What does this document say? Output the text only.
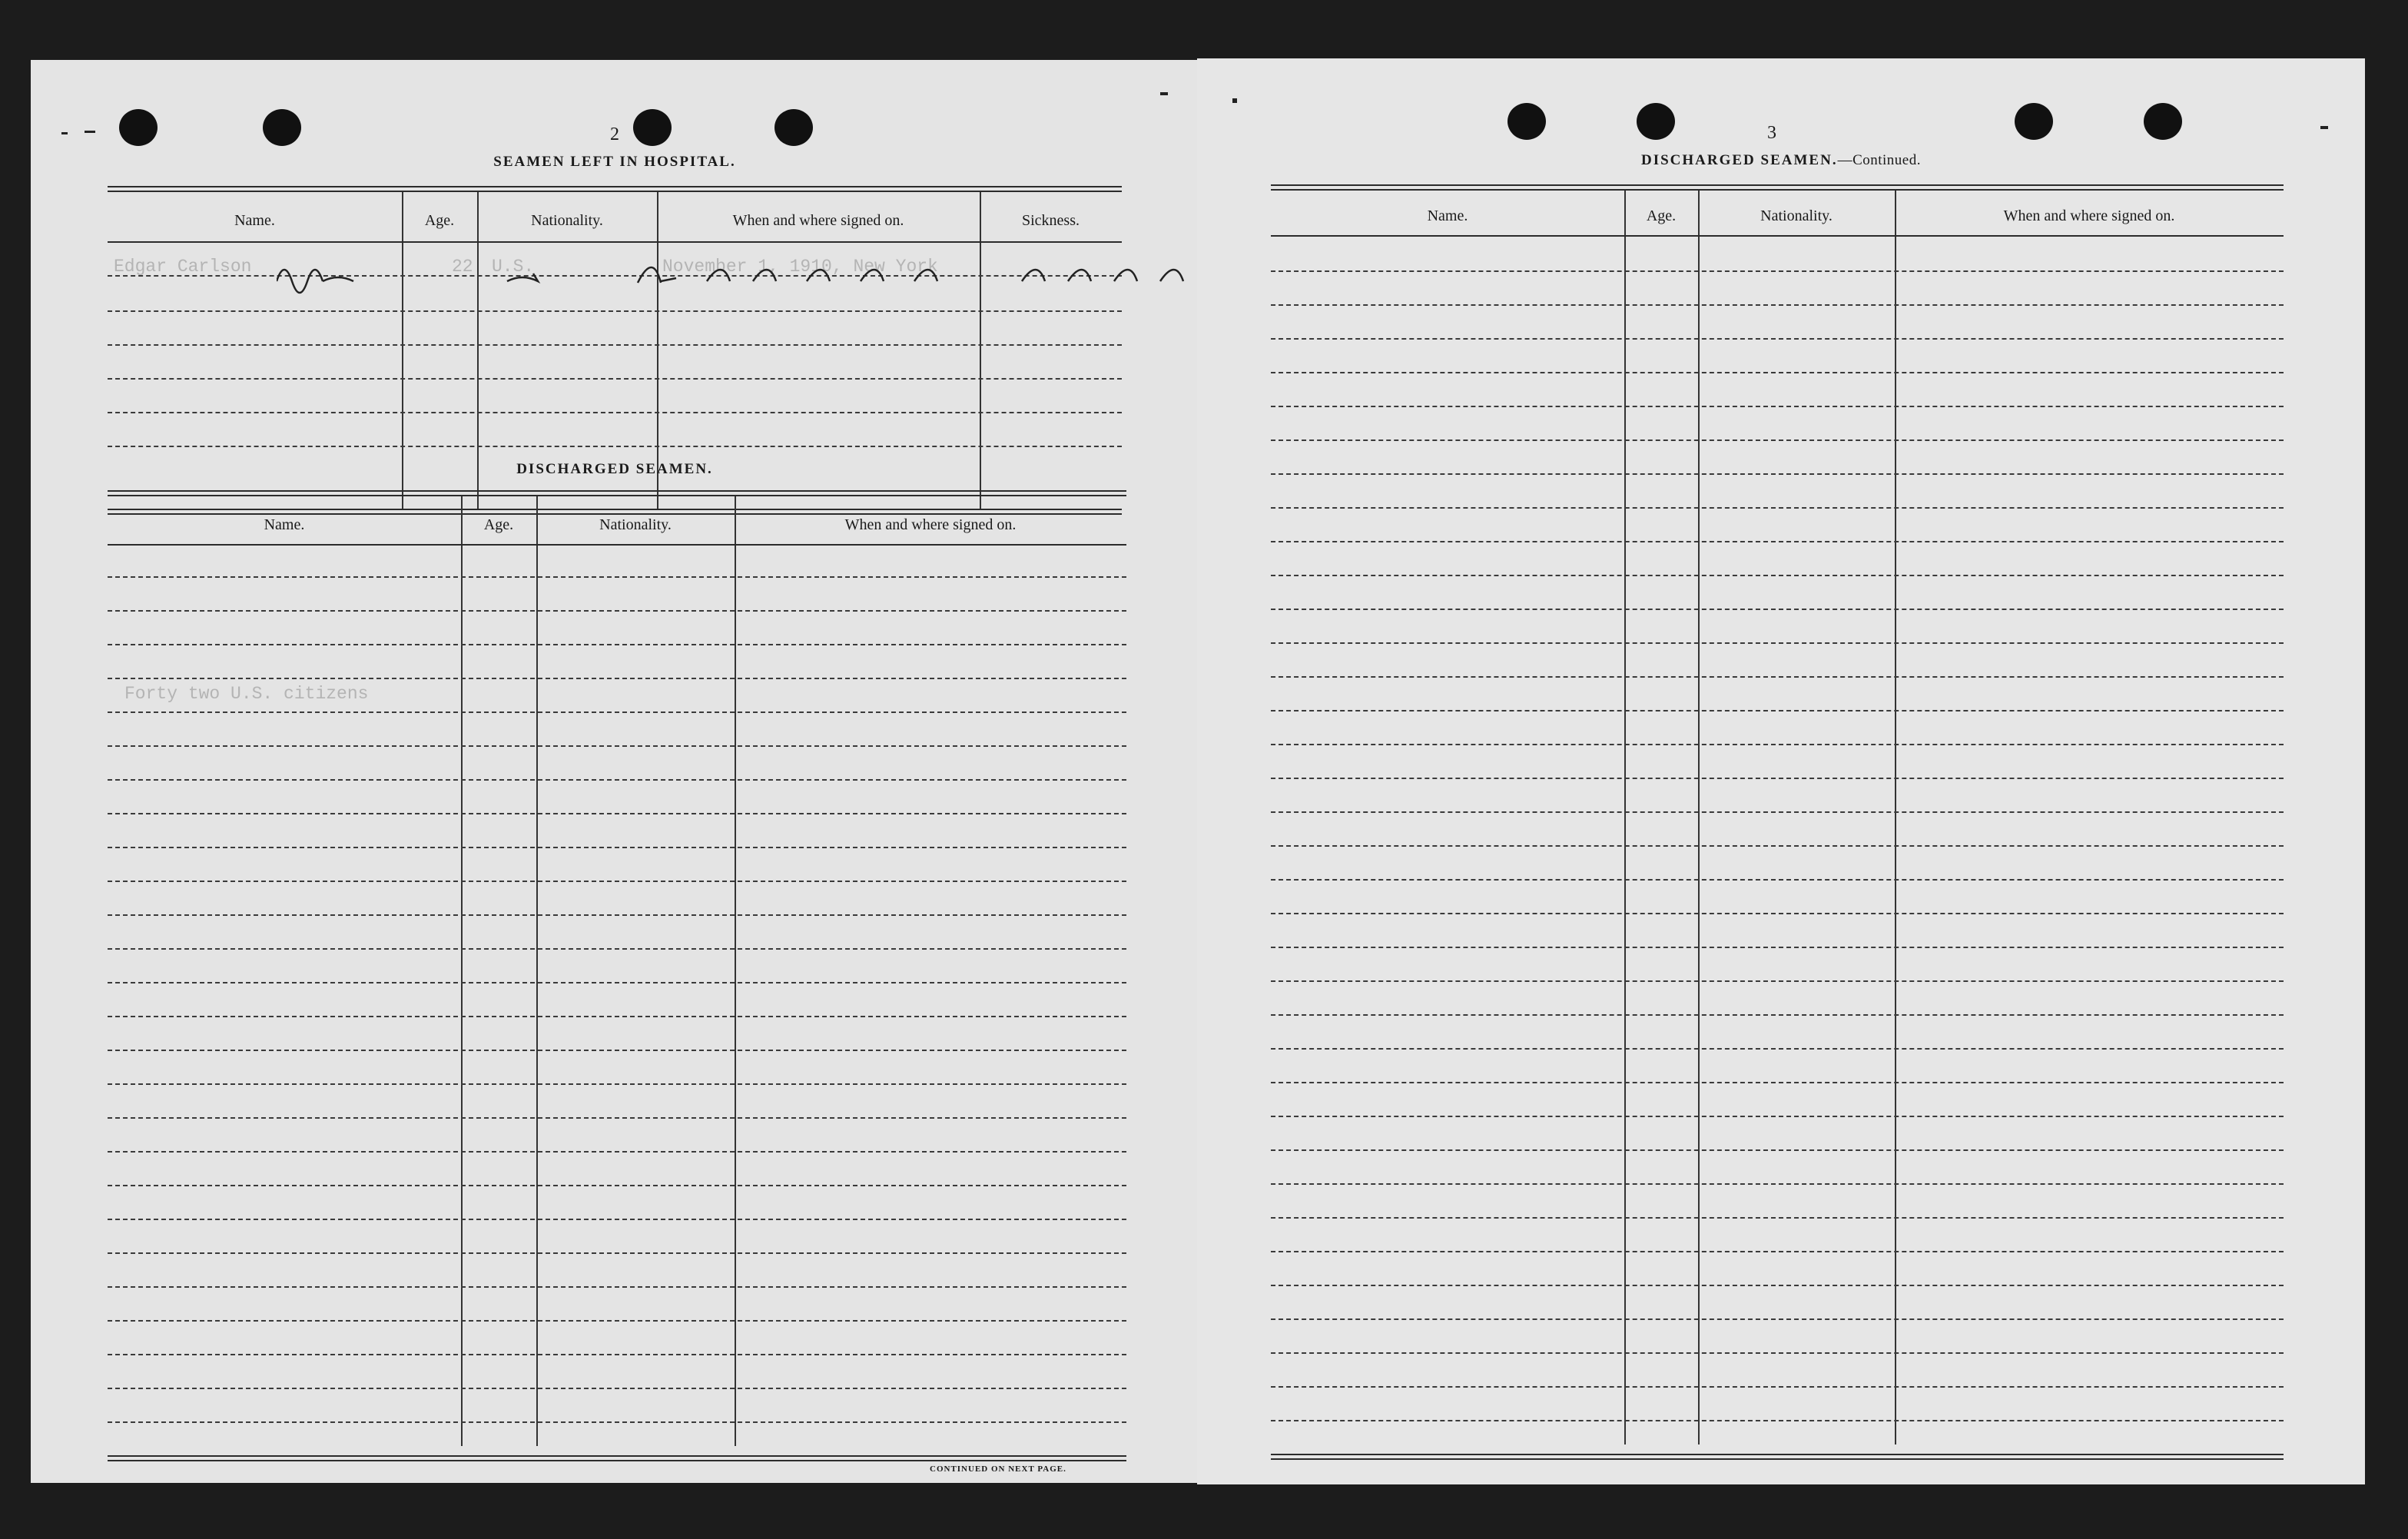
2
SEAMEN LEFT IN HOSPITAL.
Name.	Age.	Nationality.	When and where signed on.	Sickness.
Edgar Carlson	22 U.S.	November 1, 1910, New York
DISCHARGED SEAMEN.
Name.	Age.	Nationality.	When and where signed on.
Forty two U.S. citizens
CONTINUED ON NEXT PAGE.
3
DISCHARGED SEAMEN.—Continued.
Name.	Age.	Nationality.	When and where signed on.
